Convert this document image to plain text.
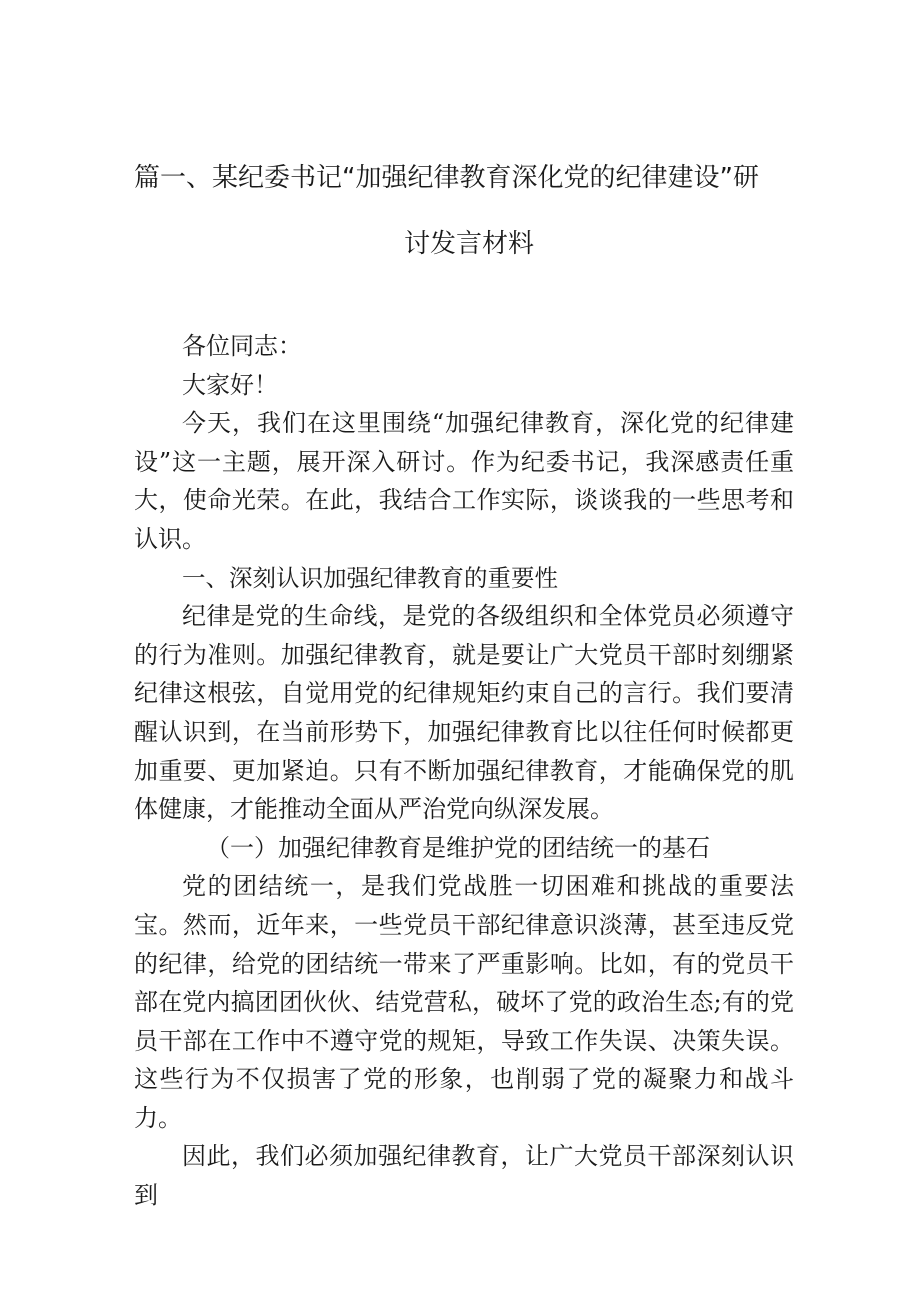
篇一、某纪委书记“加强纪律教育深化党的纪律建设”研
讨发言材料

各位同志：

大家好！

今天，我们在这里围绕“加强纪律教育，深化党的纪律建设”这一主题，展开深入研讨。作为纪委书记，我深感责任重大，使命光荣。在此，我结合工作实际，谈谈我的一些思考和认识。

一、深刻认识加强纪律教育的重要性

纪律是党的生命线，是党的各级组织和全体党员必须遵守的行为准则。加强纪律教育，就是要让广大党员干部时刻绷紧纪律这根弦，自觉用党的纪律规矩约束自己的言行。我们要清醒认识到，在当前形势下，加强纪律教育比以往任何时候都更加重要、更加紧迫。只有不断加强纪律教育，才能确保党的肌体健康，才能推动全面从严治党向纵深发展。

（一）加强纪律教育是维护党的团结统一的基石

党的团结统一，是我们党战胜一切困难和挑战的重要法宝。然而，近年来，一些党员干部纪律意识淡薄，甚至违反党的纪律，给党的团结统一带来了严重影响。比如，有的党员干部在党内搞团团伙伙、结党营私，破坏了党的政治生态;有的党员干部在工作中不遵守党的规矩，导致工作失误、决策失误。这些行为不仅损害了党的形象，也削弱了党的凝聚力和战斗力。

因此，我们必须加强纪律教育，让广大党员干部深刻认识到
